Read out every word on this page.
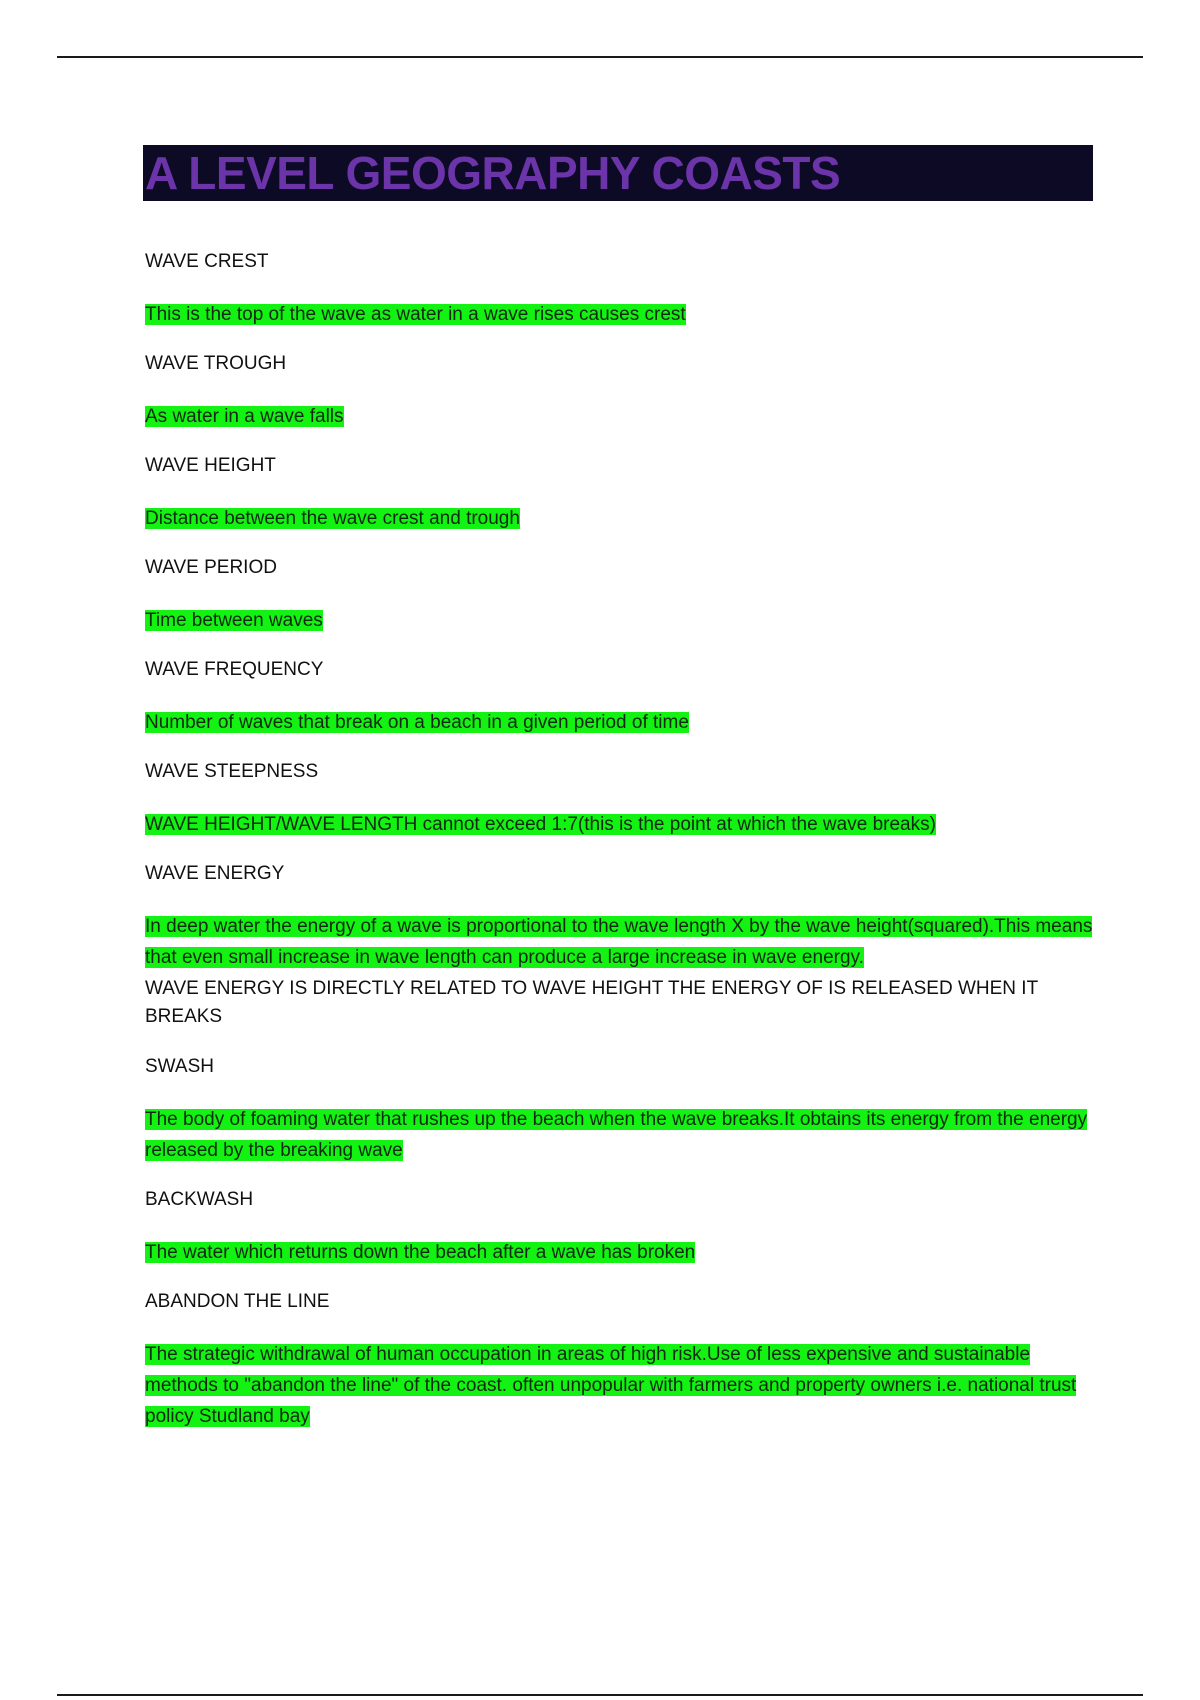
A LEVEL GEOGRAPHY COASTS
WAVE CREST
This is the top of the wave as water in a wave rises causes crest
WAVE TROUGH
As water in a wave falls
WAVE HEIGHT
Distance between the wave crest and trough
WAVE PERIOD
Time between waves
WAVE FREQUENCY
Number of waves that break on a beach in a given period of time
WAVE STEEPNESS
WAVE HEIGHT/WAVE LENGTH cannot exceed 1:7(this is the point at which the wave breaks)
WAVE ENERGY
In deep water the energy of a wave is proportional to the wave length X by the wave height(squared).This means that even small increase in wave length can produce a large increase in wave energy.
WAVE ENERGY IS DIRECTLY RELATED TO WAVE HEIGHT THE ENERGY OF IS RELEASED WHEN IT BREAKS
SWASH
The body of foaming water that rushes up the beach when the wave breaks.It obtains its energy from the energy released by the breaking wave
BACKWASH
The water which returns down the beach after a wave has broken
ABANDON THE LINE
The strategic withdrawal of human occupation in areas of high risk.Use of less expensive and sustainable methods to "abandon the line" of the coast. often unpopular with farmers and property owners i.e. national trust policy Studland bay
